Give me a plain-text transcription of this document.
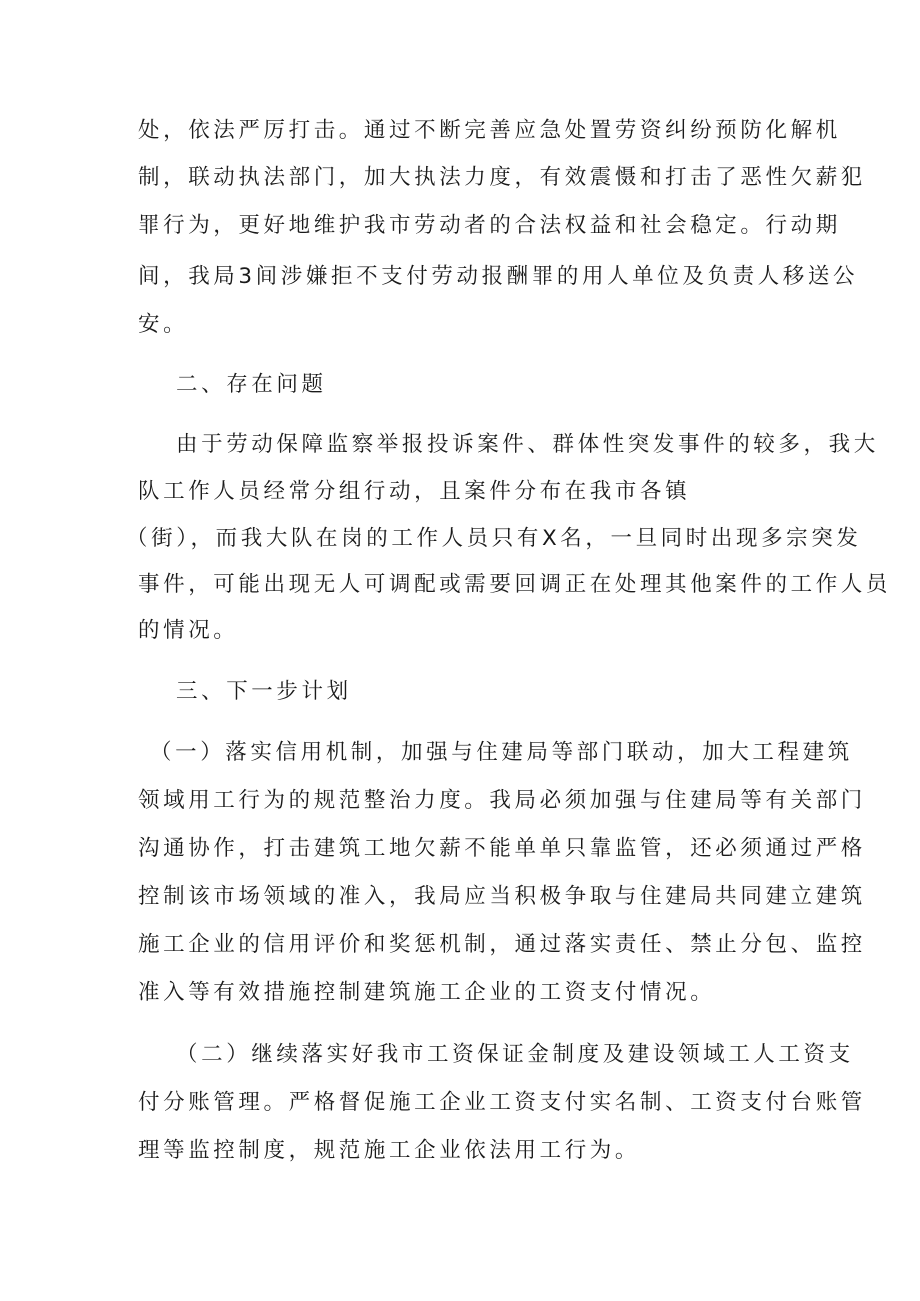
处，依法严厉打击。通过不断完善应急处置劳资纠纷预防化解机

制，联动执法部门，加大执法力度，有效震慑和打击了恶性欠薪犯

罪行为，更好地维护我市劳动者的合法权益和社会稳定。行动期

间，我局3间涉嫌拒不支付劳动报酬罪的用人单位及负责人移送公

安。

二、存在问题

由于劳动保障监察举报投诉案件、群体性突发事件的较多，我大

队工作人员经常分组行动，且案件分布在我市各镇

（街），而我大队在岗的工作人员只有X名，一旦同时出现多宗突发

事件，可能出现无人可调配或需要回调正在处理其他案件的工作人员

的情况。

三、下一步计划

（一）落实信用机制，加强与住建局等部门联动，加大工程建筑

领域用工行为的规范整治力度。我局必须加强与住建局等有关部门

沟通协作，打击建筑工地欠薪不能单单只靠监管，还必须通过严格

控制该市场领域的准入，我局应当积极争取与住建局共同建立建筑

施工企业的信用评价和奖惩机制，通过落实责任、禁止分包、监控

准入等有效措施控制建筑施工企业的工资支付情况。

（二）继续落实好我市工资保证金制度及建设领域工人工资支

付分账管理。严格督促施工企业工资支付实名制、工资支付台账管

理等监控制度，规范施工企业依法用工行为。
